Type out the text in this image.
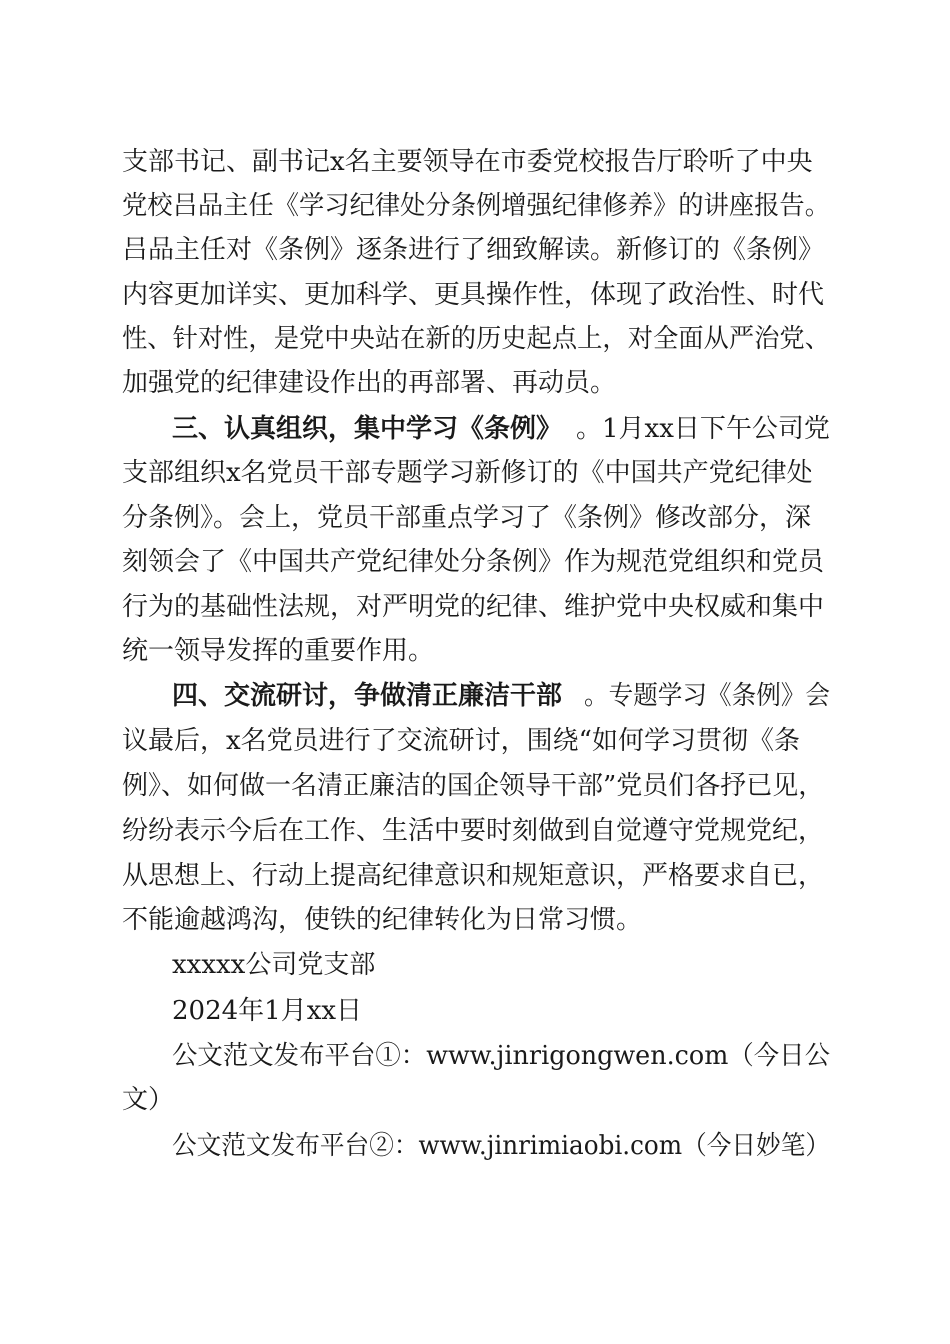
支部书记、副书记x名主要领导在市委党校报告厅聆听了中央
党校吕品主任《学习纪律处分条例增强纪律修养》的讲座报告。
吕品主任对《条例》逐条进行了细致解读。新修订的《条例》
内容更加详实、更加科学、更具操作性，体现了政治性、时代
性、针对性，是党中央站在新的历史起点上，对全面从严治党、
加强党的纪律建设作出的再部署、再动员。
三、认真组织，集中学习《条例》 。1月xx日下午公司党
支部组织x名党员干部专题学习新修订的《中国共产党纪律处
分条例》。会上，党员干部重点学习了《条例》修改部分，深
刻领会了《中国共产党纪律处分条例》作为规范党组织和党员
行为的基础性法规，对严明党的纪律、维护党中央权威和集中
统一领导发挥的重要作用。
四、交流研讨，争做清正廉洁干部 。专题学习《条例》会
议最后，x名党员进行了交流研讨，围绕“如何学习贯彻《条
例》、如何做一名清正廉洁的国企领导干部”党员们各抒已见，
纷纷表示今后在工作、生活中要时刻做到自觉遵守党规党纪，
从思想上、行动上提高纪律意识和规矩意识，严格要求自已，
不能逾越鸿沟，使铁的纪律转化为日常习惯。
xxxxx公司党支部
2024年1月xx日
公文范文发布平台①：www.jinrigongwen.com（今日公
文）
公文范文发布平台②：www.jinrimiaobi.com（今日妙笔）
